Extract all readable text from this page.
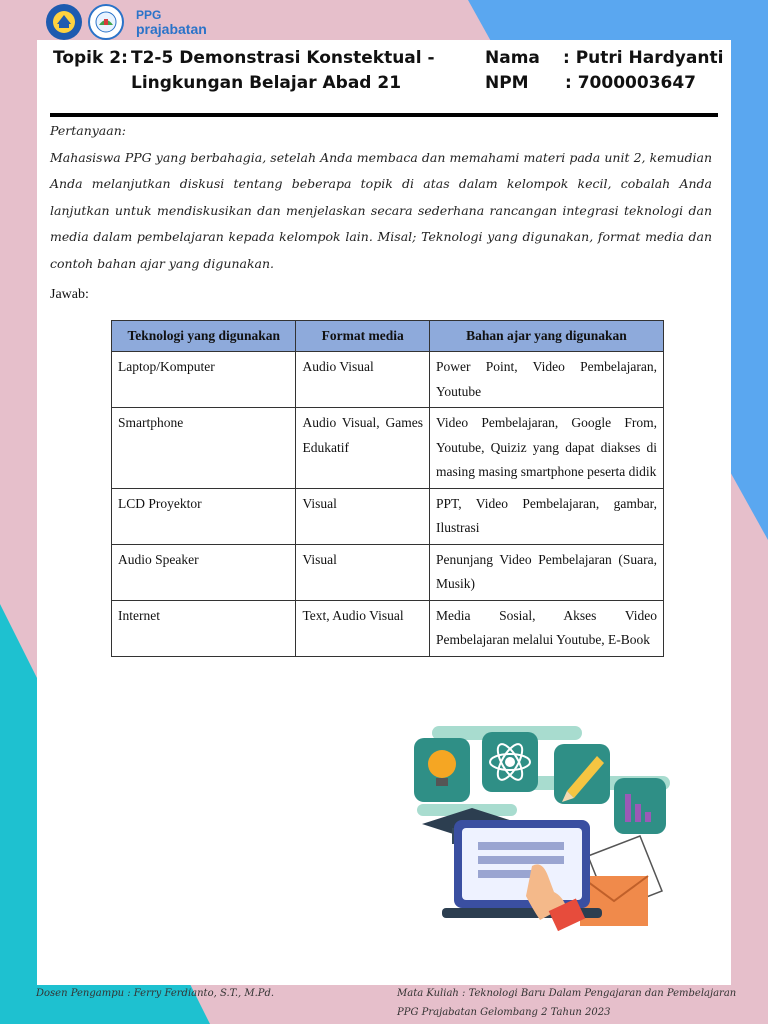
PPG
prajabatan
Topik 2: T2-5 Demonstrasi Konstektual -
Lingkungan Belajar Abad 21
Nama : Putri Hardyanti
NPM : 7000003647
Pertanyaan:
Mahasiswa PPG yang berbahagia, setelah Anda membaca dan memahami materi pada unit 2, kemudian Anda melanjutkan diskusi tentang beberapa topik di atas dalam kelompok kecil, cobalah Anda lanjutkan untuk mendiskusikan dan menjelaskan secara sederhana rancangan integrasi teknologi dan media dalam pembelajaran kepada kelompok lain. Misal; Teknologi yang digunakan, format media dan contoh bahan ajar yang digunakan.
Jawab:
Teknologi yang digunakan	Format media	Bahan ajar yang digunakan
Laptop/Komputer	Audio Visual	Power Point, Video Pembelajaran, Youtube
Smartphone	Audio Visual, Games Edukatif	Video Pembelajaran, Google From, Youtube, Quiziz yang dapat diakses di masing masing smartphone peserta didik
LCD Proyektor	Visual	PPT, Video Pembelajaran, gambar, Ilustrasi
Audio Speaker	Visual	Penunjang Video Pembelajaran (Suara, Musik)
Internet	Text, Audio Visual	Media Sosial, Akses Video Pembelajaran melalui Youtube, E-Book
Dosen Pengampu : Ferry Ferdianto, S.T., M.Pd.	Mata Kuliah : Teknologi Baru Dalam Pengajaran dan Pembelajaran
PPG Prajabatan Gelombang 2 Tahun 2023
